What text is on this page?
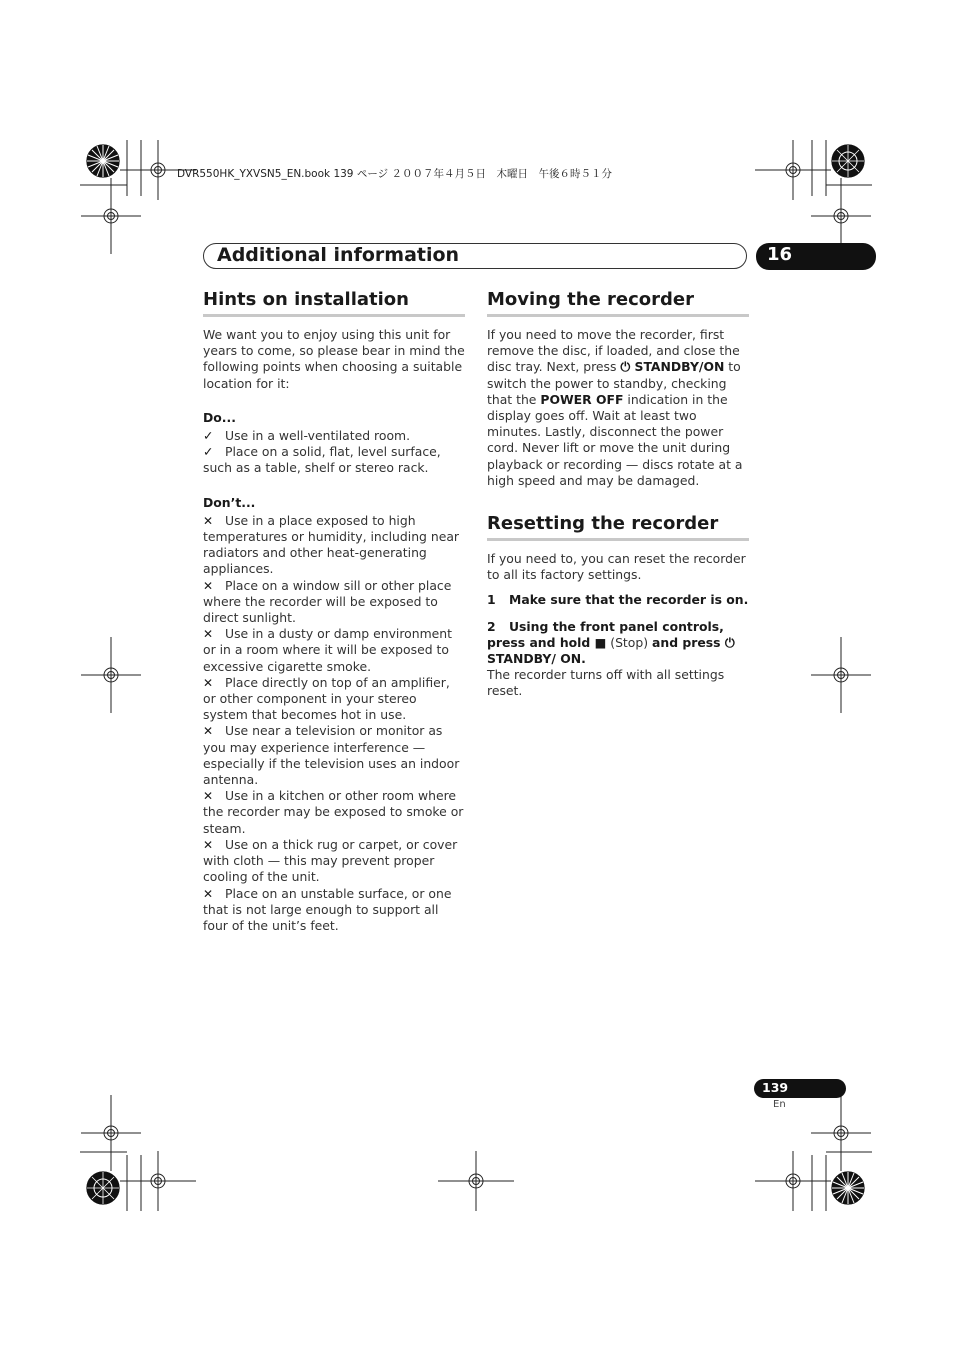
DVR550HK_YXVSN5_EN.book 139 ページ ２００７年４月５日　木曜日　午後６時５１分
Additional information	16
Hints on installation

We want you to enjoy using this unit for years to come, so please bear in mind the following points when choosing a suitable location for it:

Do...

✓ Use in a well-ventilated room.

✓ Place on a solid, flat, level surface, such as a table, shelf or stereo rack.

Don’t...

✕ Use in a place exposed to high temperatures or humidity, including near radiators and other heat-generating appliances.

✕ Place on a window sill or other place where the recorder will be exposed to direct sunlight.

✕ Use in a dusty or damp environment or in a room where it will be exposed to excessive cigarette smoke.

✕ Place directly on top of an amplifier, or other component in your stereo system that becomes hot in use.

✕ Use near a television or monitor as you may experience interference — especially if the television uses an indoor antenna.

✕ Use in a kitchen or other room where the recorder may be exposed to smoke or steam.

✕ Use on a thick rug or carpet, or cover with cloth — this may prevent proper cooling of the unit.

✕ Place on an unstable surface, or one that is not large enough to support all four of the unit’s feet.

Moving the recorder

If you need to move the recorder, first remove the disc, if loaded, and close the disc tray. Next, press ⏻ STANDBY/ON to switch the power to standby, checking that the POWER OFF indication in the display goes off. Wait at least two minutes. Lastly, disconnect the power cord. Never lift or move the unit during playback or recording — discs rotate at a high speed and may be damaged.

Resetting the recorder

If you need to, you can reset the recorder to all its factory settings.

1 Make sure that the recorder is on.

2 Using the front panel controls, press and hold ■ (Stop) and press ⏻ STANDBY/ ON.

The recorder turns off with all settings reset.

139
En
